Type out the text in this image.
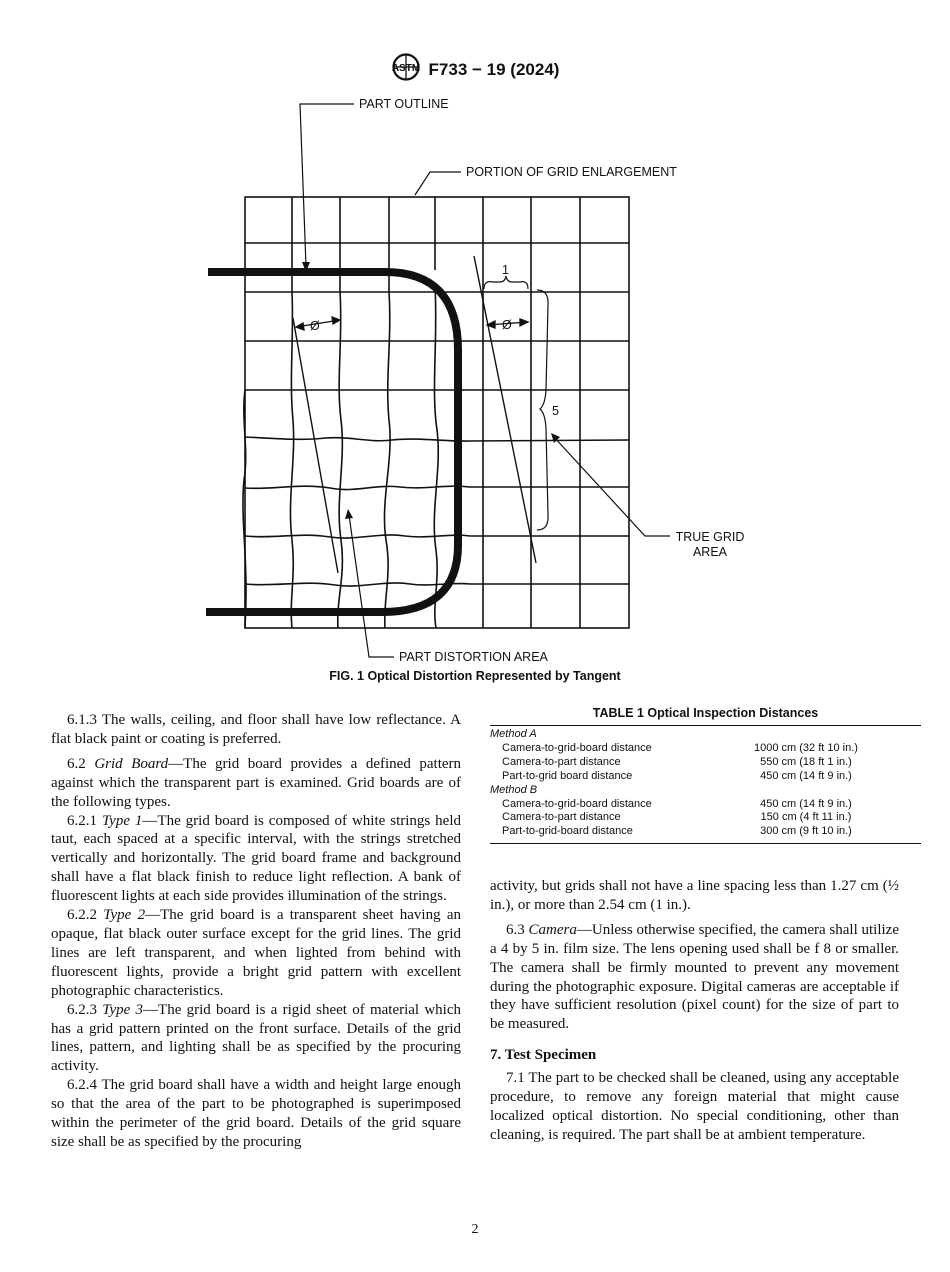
ASTM F733 − 19 (2024)
Ø	Ø
1
5
PART OUTLINE
PORTION OF GRID ENLARGEMENT
TRUE GRID
AREA
PART DISTORTION AREA
FIG. 1 Optical Distortion Represented by Tangent

6.1.3 The walls, ceiling, and floor shall have low reflectance. A flat black paint or coating is preferred.

6.2 Grid Board—The grid board provides a defined pattern against which the transparent part is examined. Grid boards are of the following types.

6.2.1 Type 1—The grid board is composed of white strings held taut, each spaced at a specific interval, with the strings stretched vertically and horizontally. The grid board frame and background shall have a flat black finish to reduce light reflection. A bank of fluorescent lights at each side provides illumination of the strings.

6.2.2 Type 2—The grid board is a transparent sheet having an opaque, flat black outer surface except for the grid lines. The grid lines are left transparent, and when lighted from behind with fluorescent lights, provide a bright grid pattern with excellent photographic characteristics.

6.2.3 Type 3—The grid board is a rigid sheet of material which has a grid pattern printed on the front surface. Details of the grid lines, pattern, and lighting shall be as specified by the procuring activity.

6.2.4 The grid board shall have a width and height large enough so that the area of the part to be photographed is superimposed within the perimeter of the grid board. Details of the grid square size shall be as specified by the procuring

TABLE 1 Optical Inspection Distances
Method A	
Camera-to-grid-board distance	1000 cm (32 ft 10 in.)
Camera-to-part distance	550 cm (18 ft 1 in.)
Part-to-grid board distance	450 cm (14 ft 9 in.)
Method B	
Camera-to-grid-board distance	450 cm (14 ft 9 in.)
Camera-to-part distance	150 cm (4 ft 11 in.)
Part-to-grid-board distance	300 cm (9 ft 10 in.)

activity, but grids shall not have a line spacing less than 1.27 cm (½ in.), or more than 2.54 cm (1 in.).

6.3 Camera—Unless otherwise specified, the camera shall utilize a 4 by 5 in. film size. The lens opening used shall be f 8 or smaller. The camera shall be firmly mounted to prevent any movement during the photographic exposure. Digital cameras are acceptable if they have sufficient resolution (pixel count) for the size of part to be measured.

7. Test Specimen

7.1 The part to be checked shall be cleaned, using any acceptable procedure, to remove any foreign material that might cause localized optical distortion. No special conditioning, other than cleaning, is required. The part shall be at ambient temperature.

2
